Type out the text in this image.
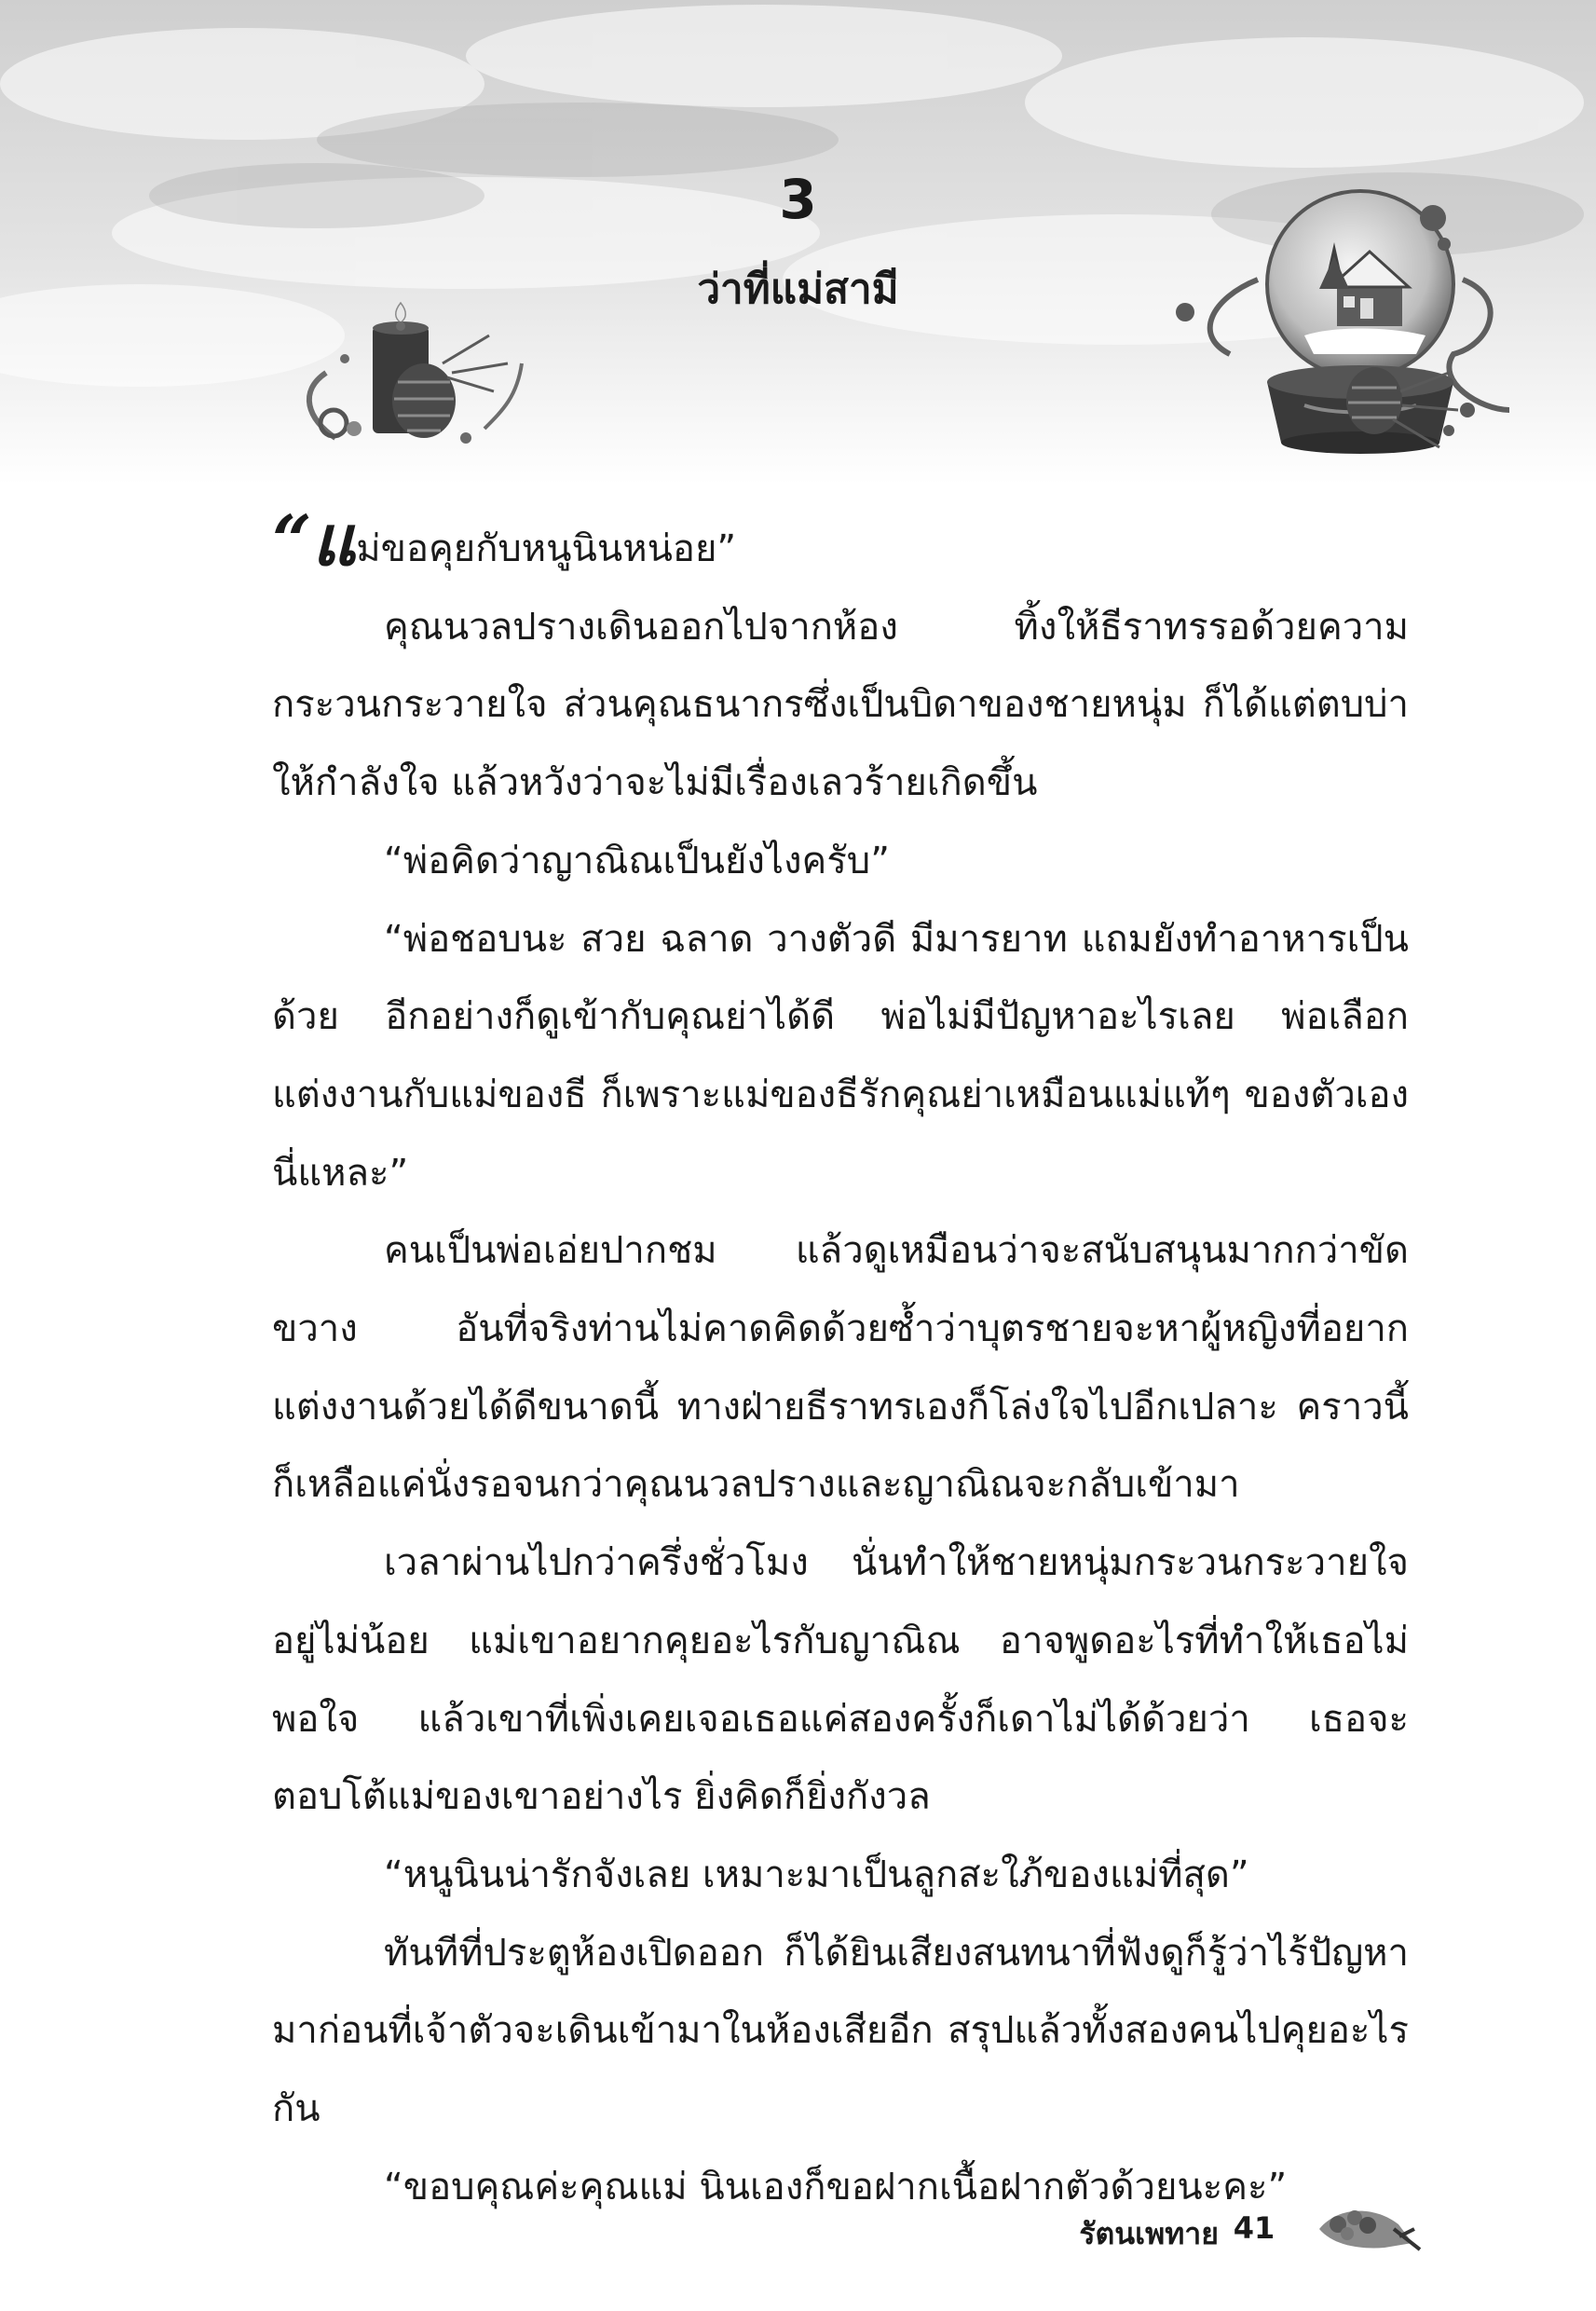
3
ว่าที่แม่สามี

“แม่ขอคุยกับหนูนินหน่อย”

คุณนวลปรางเดินออกไปจากห้อง ทิ้งให้ธีราทรรอด้วยความกระวนกระวายใจ ส่วนคุณธนากรซึ่งเป็นบิดาของชายหนุ่ม ก็ได้แต่ตบบ่าให้กำลังใจ แล้วหวังว่าจะไม่มีเรื่องเลวร้ายเกิดขึ้น

“พ่อคิดว่าญาณิณเป็นยังไงครับ”

“พ่อชอบนะ สวย ฉลาด วางตัวดี มีมารยาท แถมยังทำอาหารเป็นด้วย อีกอย่างก็ดูเข้ากับคุณย่าได้ดี พ่อไม่มีปัญหาอะไรเลย พ่อเลือกแต่งงานกับแม่ของธี ก็เพราะแม่ของธีรักคุณย่าเหมือนแม่แท้ๆ ของตัวเองนี่แหละ”

คนเป็นพ่อเอ่ยปากชม แล้วดูเหมือนว่าจะสนับสนุนมากกว่าขัดขวาง อันที่จริงท่านไม่คาดคิดด้วยซ้ำว่าบุตรชายจะหาผู้หญิงที่อยากแต่งงานด้วยได้ดีขนาดนี้ ทางฝ่ายธีราทรเองก็โล่งใจไปอีกเปลาะ คราวนี้ก็เหลือแค่นั่งรอจนกว่าคุณนวลปรางและญาณิณจะกลับเข้ามา

เวลาผ่านไปกว่าครึ่งชั่วโมง นั่นทำให้ชายหนุ่มกระวนกระวายใจอยู่ไม่น้อย แม่เขาอยากคุยอะไรกับญาณิณ อาจพูดอะไรที่ทำให้เธอไม่พอใจ แล้วเขาที่เพิ่งเคยเจอเธอแค่สองครั้งก็เดาไม่ได้ด้วยว่า เธอจะตอบโต้แม่ของเขาอย่างไร ยิ่งคิดก็ยิ่งกังวล

“หนูนินน่ารักจังเลย เหมาะมาเป็นลูกสะใภ้ของแม่ที่สุด”

ทันทีที่ประตูห้องเปิดออก ก็ได้ยินเสียงสนทนาที่ฟังดูก็รู้ว่าไร้ปัญหามาก่อนที่เจ้าตัวจะเดินเข้ามาในห้องเสียอีก สรุปแล้วทั้งสองคนไปคุยอะไรกัน

“ขอบคุณค่ะคุณแม่ นินเองก็ขอฝากเนื้อฝากตัวด้วยนะคะ”

รัตนเพทาย 41
